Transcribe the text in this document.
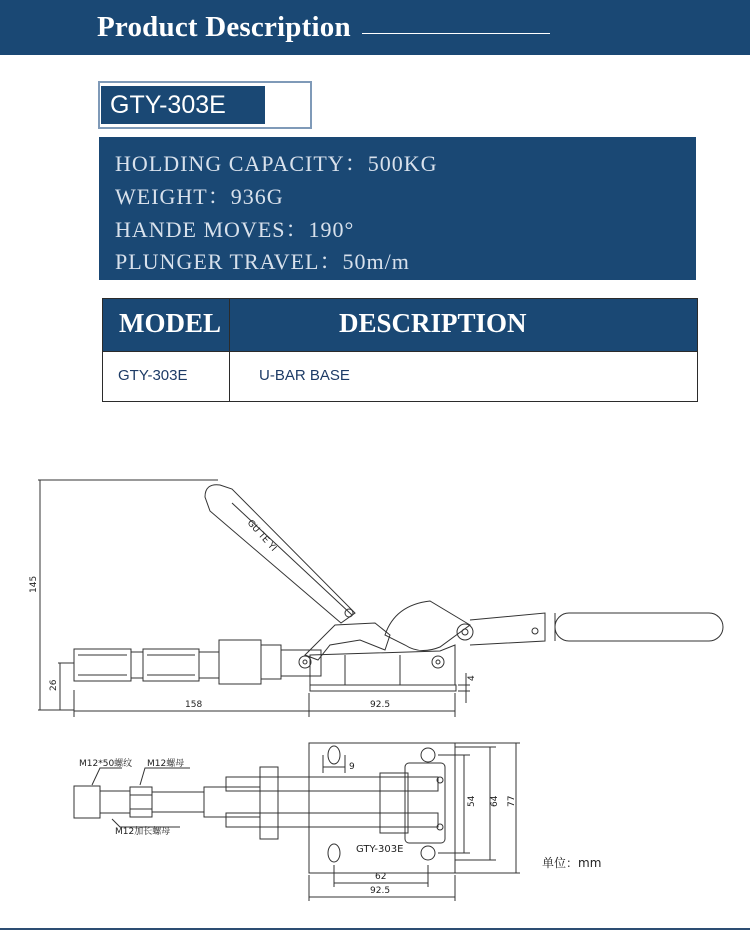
Product Description
GTY-303E
HOLDING CAPACITY：500KG
WEIGHT：936G
HANDE MOVES：190°
PLUNGER TRAVEL：50m/m
MODEL	DESCRIPTION
GTY-303E	U-BAR BASE
145
26
158	92.5
4
9
54 64 77
62
92.5
M12*50螺纹 M12螺母
M12加长螺母
单位：mm
GU TE YI
GTY-303E
